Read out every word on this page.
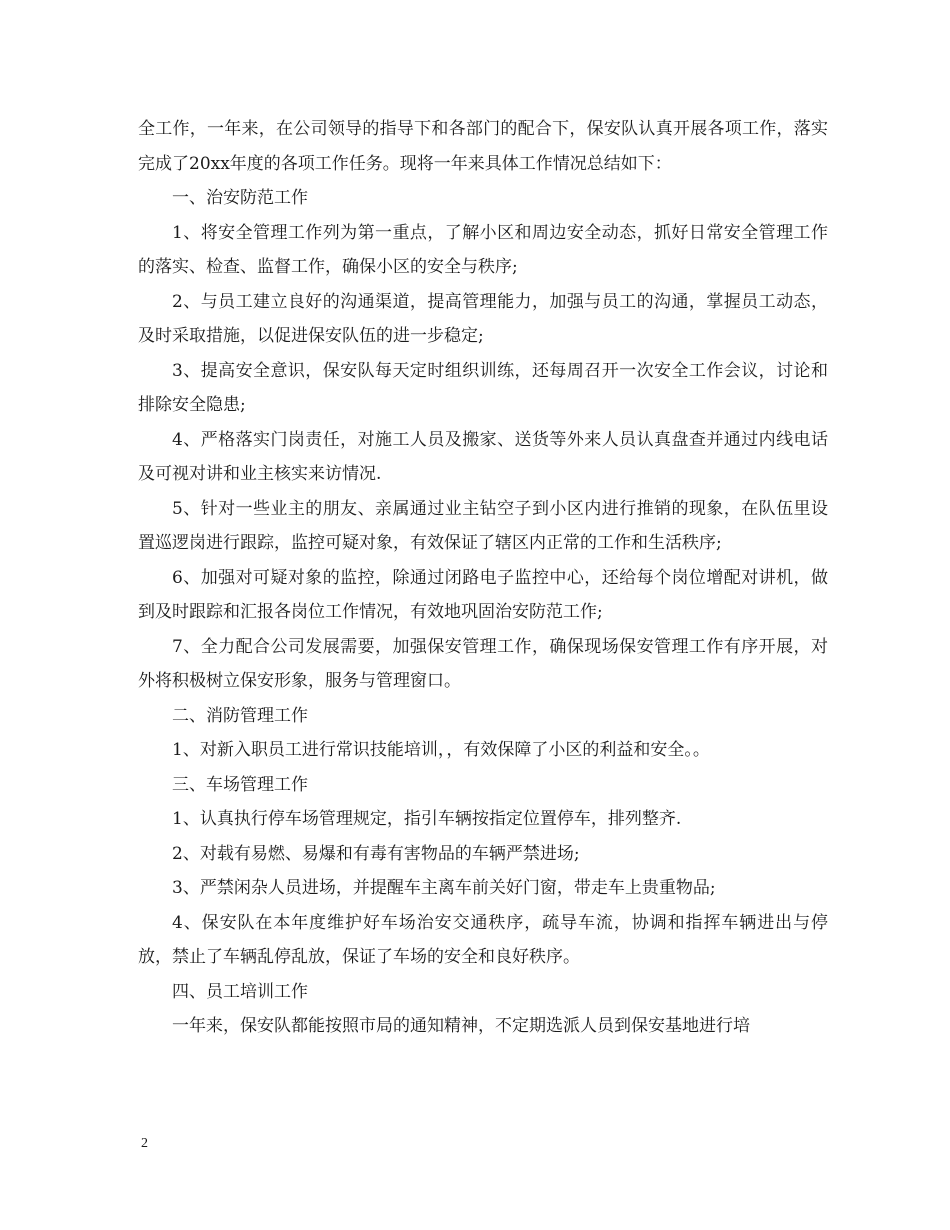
全工作，一年来，在公司领导的指导下和各部门的配合下，保安队认真开展各项工作，落实完成了20xx年度的各项工作任务。现将一年来具体工作情况总结如下：

一、治安防范工作

1、将安全管理工作列为第一重点，了解小区和周边安全动态，抓好日常安全管理工作的落实、检查、监督工作，确保小区的安全与秩序;

2、与员工建立良好的沟通渠道，提高管理能力，加强与员工的沟通，掌握员工动态，及时采取措施，以促进保安队伍的进一步稳定;

3、提高安全意识，保安队每天定时组织训练，还每周召开一次安全工作会议，讨论和排除安全隐患;

4、严格落实门岗责任，对施工人员及搬家、送货等外来人员认真盘查并通过内线电话及可视对讲和业主核实来访情况.

5、针对一些业主的朋友、亲属通过业主钻空子到小区内进行推销的现象，在队伍里设置巡逻岗进行跟踪，监控可疑对象，有效保证了辖区内正常的工作和生活秩序;

6、加强对可疑对象的监控，除通过闭路电子监控中心，还给每个岗位增配对讲机，做到及时跟踪和汇报各岗位工作情况，有效地巩固治安防范工作;

7、全力配合公司发展需要，加强保安管理工作，确保现场保安管理工作有序开展，对外将积极树立保安形象，服务与管理窗口。

二、消防管理工作

1、对新入职员工进行常识技能培训，，有效保障了小区的利益和安全。。

三、车场管理工作

1、认真执行停车场管理规定，指引车辆按指定位置停车，排列整齐.

2、对载有易燃、易爆和有毒有害物品的车辆严禁进场;

3、严禁闲杂人员进场，并提醒车主离车前关好门窗，带走车上贵重物品;

4、保安队在本年度维护好车场治安交通秩序，疏导车流，协调和指挥车辆进出与停放，禁止了车辆乱停乱放，保证了车场的安全和良好秩序。

四、员工培训工作

一年来，保安队都能按照市局的通知精神，不定期选派人员到保安基地进行培

2
